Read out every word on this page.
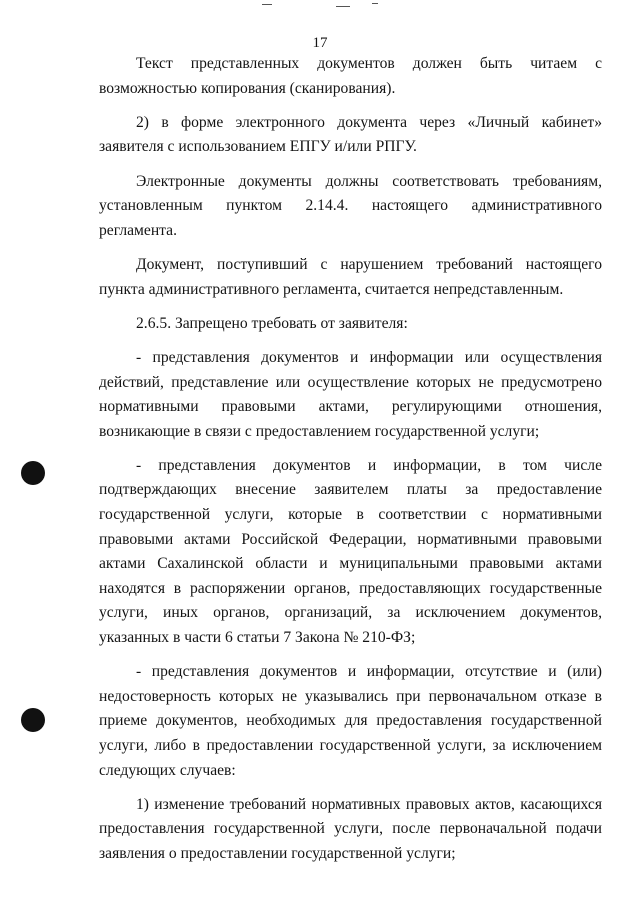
17

Текст представленных документов должен быть читаем с возможностью копирования (сканирования).

2) в форме электронного документа через «Личный кабинет» заявителя с использованием ЕПГУ и/или РПГУ.

Электронные документы должны соответствовать требованиям, установленным пунктом 2.14.4. настоящего административного регламента.

Документ, поступивший с нарушением требований настоящего пункта административного регламента, считается непредставленным.

2.6.5. Запрещено требовать от заявителя:

- представления документов и информации или осуществления действий, представление или осуществление которых не предусмотрено нормативными правовыми актами, регулирующими отношения, возникающие в связи с предоставлением государственной услуги;

- представления документов и информации, в том числе подтверждающих внесение заявителем платы за предоставление государственной услуги, которые в соответствии с нормативными правовыми актами Российской Федерации, нормативными правовыми актами Сахалинской области и муниципальными правовыми актами находятся в распоряжении органов, предоставляющих государственные услуги, иных органов, организаций, за исключением документов, указанных в части 6 статьи 7 Закона № 210-ФЗ;

- представления документов и информации, отсутствие и (или) недостоверность которых не указывались при первоначальном отказе в приеме документов, необходимых для предоставления государственной услуги, либо в предоставлении государственной услуги, за исключением следующих случаев:

1) изменение требований нормативных правовых актов, касающихся предоставления государственной услуги, после первоначальной подачи заявления о предоставлении государственной услуги;
